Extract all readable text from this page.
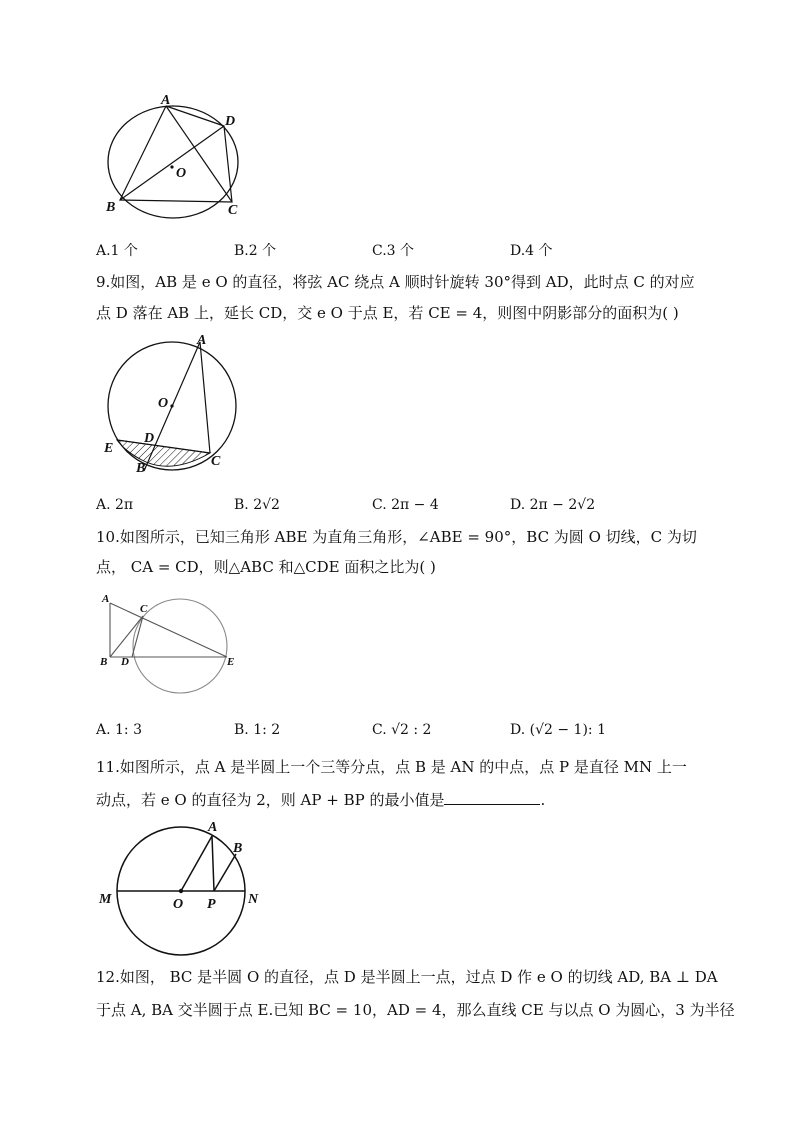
A
D
O
B	C
A.1 个	B.2 个	C.3 个	D.4 个
9.如图，AB 是 e O 的直径，将弦 AC 绕点 A 顺时针旋转 30°得到 AD，此时点 C 的对应
点 D 落在 AB 上，延长 CD，交 e O 于点 E，若 CE = 4，则图中阴影部分的面积为( )
A
O
D
E
B	C
A. 2π	B. 2√2	C. 2π − 4	D. 2π − 2√2
10.如图所示，已知三角形 ABE 为直角三角形，∠ABE = 90°，BC 为圆 O 切线，C 为切
点， CA = CD，则△ABC 和△CDE 面积之比为( )
A
C
B D	E
A. 1: 3	B. 1: 2	C. √2 : 2	D. (√2 − 1): 1
11.如图所示，点 A 是半圆上一个三等分点，点 B 是 AN 的中点，点 P 是直径 MN 上一
动点，若 e O 的直径为 2，则 AP + BP 的最小值是	.
A
B
M	O P N
12.如图， BC 是半圆 O 的直径，点 D 是半圆上一点，过点 D 作 e O 的切线 AD, BA ⊥ DA
于点 A, BA 交半圆于点 E.已知 BC = 10，AD = 4，那么直线 CE 与以点 O 为圆心，3 为半径
